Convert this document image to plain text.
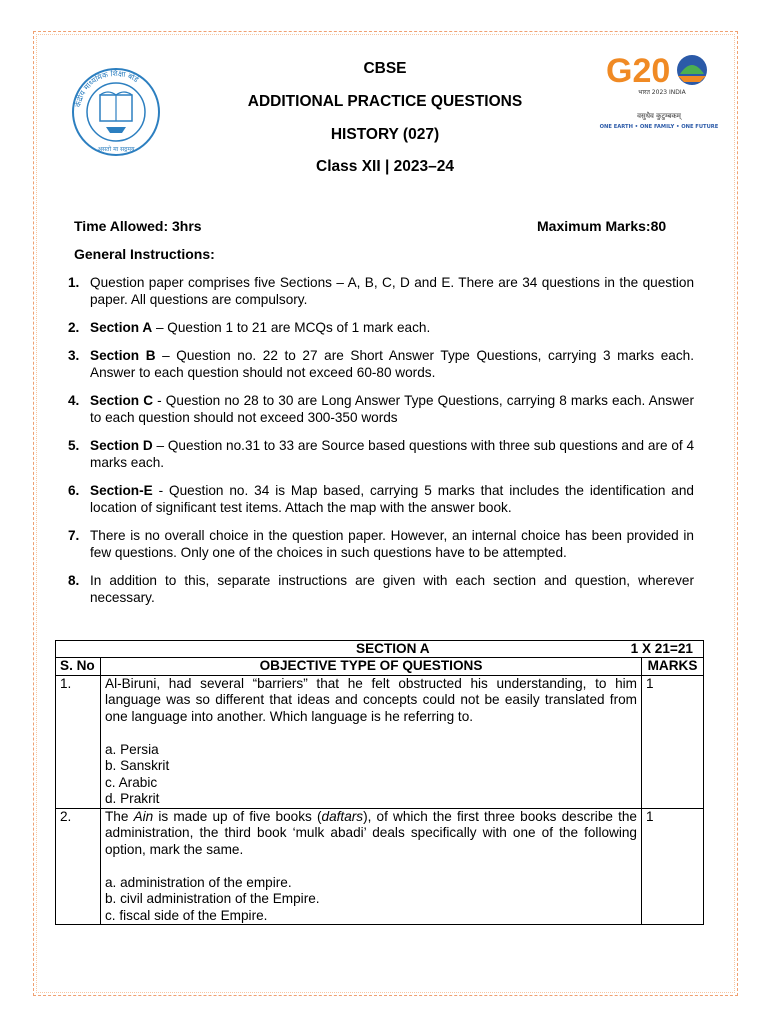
केंद्रीय माध्यमिक शिक्षा बोर्ड
असतो मा सद्गमय
G20
भारत 2023 INDIA
वसुधैव कुटुम्बकम्
ONE EARTH • ONE FAMILY • ONE FUTURE
CBSE
ADDITIONAL PRACTICE QUESTIONS
HISTORY (027)
Class XII | 2023–24
Time Allowed: 3hrs	Maximum Marks:80
General Instructions:
1. Question paper comprises five Sections – A, B, C, D and E. There are 34 questions in the question paper. All questions are compulsory.
2. Section A – Question 1 to 21 are MCQs of 1 mark each.
3. Section B – Question no. 22 to 27 are Short Answer Type Questions, carrying 3 marks each. Answer to each question should not exceed 60-80 words.
4. Section C - Question no 28 to 30 are Long Answer Type Questions, carrying 8 marks each. Answer to each question should not exceed 300-350 words
5. Section D – Question no.31 to 33 are Source based questions with three sub questions and are of 4 marks each.
6. Section-E - Question no. 34 is Map based, carrying 5 marks that includes the identification and location of significant test items. Attach the map with the answer book.
7. There is no overall choice in the question paper. However, an internal choice has been provided in few questions. Only one of the choices in such questions have to be attempted.
8. In addition to this, separate instructions are given with each section and question, wherever necessary.
SECTION A 1 X 21=21		

S. No	OBJECTIVE TYPE OF QUESTIONS	MARKS
1.	Al-Biruni, had several “barriers” that he felt obstructed his understanding, to him language was so different that ideas and concepts could not be easily translated from one language into another. Which language is he referring to.
a. Persia
b. Sanskrit
c. Arabic
d. Prakrit	1
2.	The Ain is made up of five books (daftars), of which the first three books describe the administration, the third book ‘mulk abadi’ deals specifically with one of the following option, mark the same.
a. administration of the empire.
b. civil administration of the Empire.
c. fiscal side of the Empire.	1
